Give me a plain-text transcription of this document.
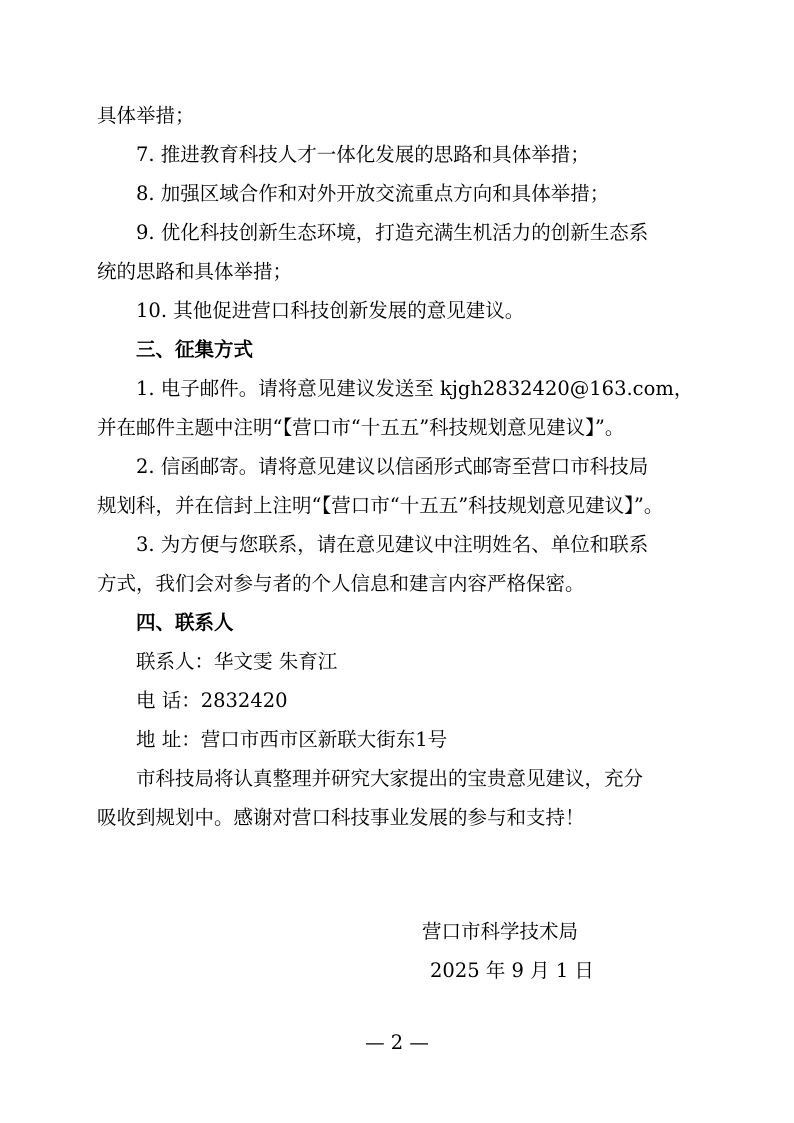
具体举措；
7. 推进教育科技人才一体化发展的思路和具体举措；
8. 加强区域合作和对外开放交流重点方向和具体举措；
9. 优化科技创新生态环境，打造充满生机活力的创新生态系
统的思路和具体举措；
10. 其他促进营口科技创新发展的意见建议。
三、征集方式
1. 电子邮件。请将意见建议发送至 kjgh2832420@163.com，
并在邮件主题中注明“【营口市“十五五”科技规划意见建议】”。
2. 信函邮寄。请将意见建议以信函形式邮寄至营口市科技局
规划科，并在信封上注明“【营口市“十五五”科技规划意见建议】”。
3. 为方便与您联系，请在意见建议中注明姓名、单位和联系
方式，我们会对参与者的个人信息和建言内容严格保密。
四、联系人
联系人：华文雯 朱育江
电 话：2832420
地 址：营口市西市区新联大街东1号
市科技局将认真整理并研究大家提出的宝贵意见建议，充分
吸收到规划中。感谢对营口科技事业发展的参与和支持！
营口市科学技术局
2025 年 9 月 1 日
— 2 —
